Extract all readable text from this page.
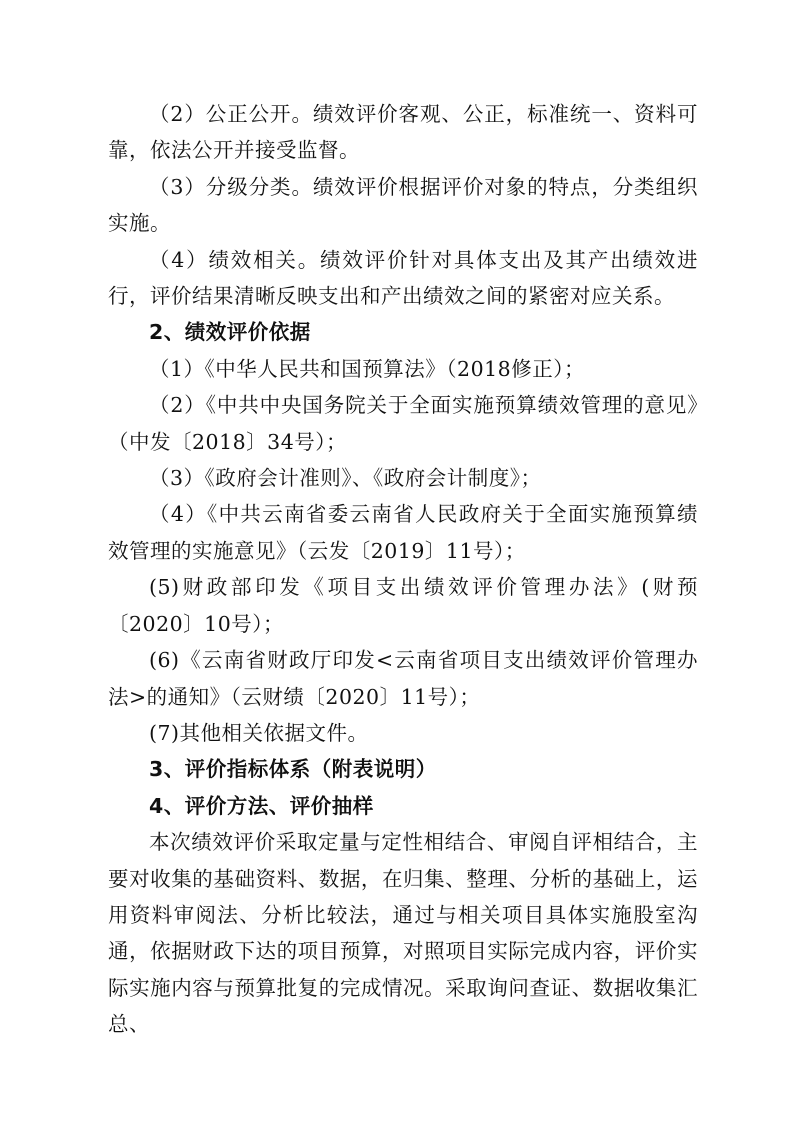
（2）公正公开。绩效评价客观、公正，标准统一、资料可靠，依法公开并接受监督。

（3）分级分类。绩效评价根据评价对象的特点，分类组织实施。

（4）绩效相关。绩效评价针对具体支出及其产出绩效进行，评价结果清晰反映支出和产出绩效之间的紧密对应关系。

2、绩效评价依据

（1）《中华人民共和国预算法》（2018修正）；

（2）《中共中央国务院关于全面实施预算绩效管理的意见》（中发〔2018〕34号）；

（3）《政府会计准则》、《政府会计制度》；

（4）《中共云南省委云南省人民政府关于全面实施预算绩效管理的实施意见》（云发〔2019〕11号）；

(5)财政部印发《项目支出绩效评价管理办法》(财预〔2020〕10号）；

(6)《云南省财政厅印发<云南省项目支出绩效评价管理办法>的通知》（云财绩〔2020〕11号）；

(7)其他相关依据文件。

3、评价指标体系（附表说明）
4、评价方法、评价抽样

本次绩效评价采取定量与定性相结合、审阅自评相结合，主要对收集的基础资料、数据，在归集、整理、分析的基础上，运用资料审阅法、分析比较法，通过与相关项目具体实施股室沟通，依据财政下达的项目预算，对照项目实际完成内容，评价实际实施内容与预算批复的完成情况。采取询问查证、数据收集汇总、
